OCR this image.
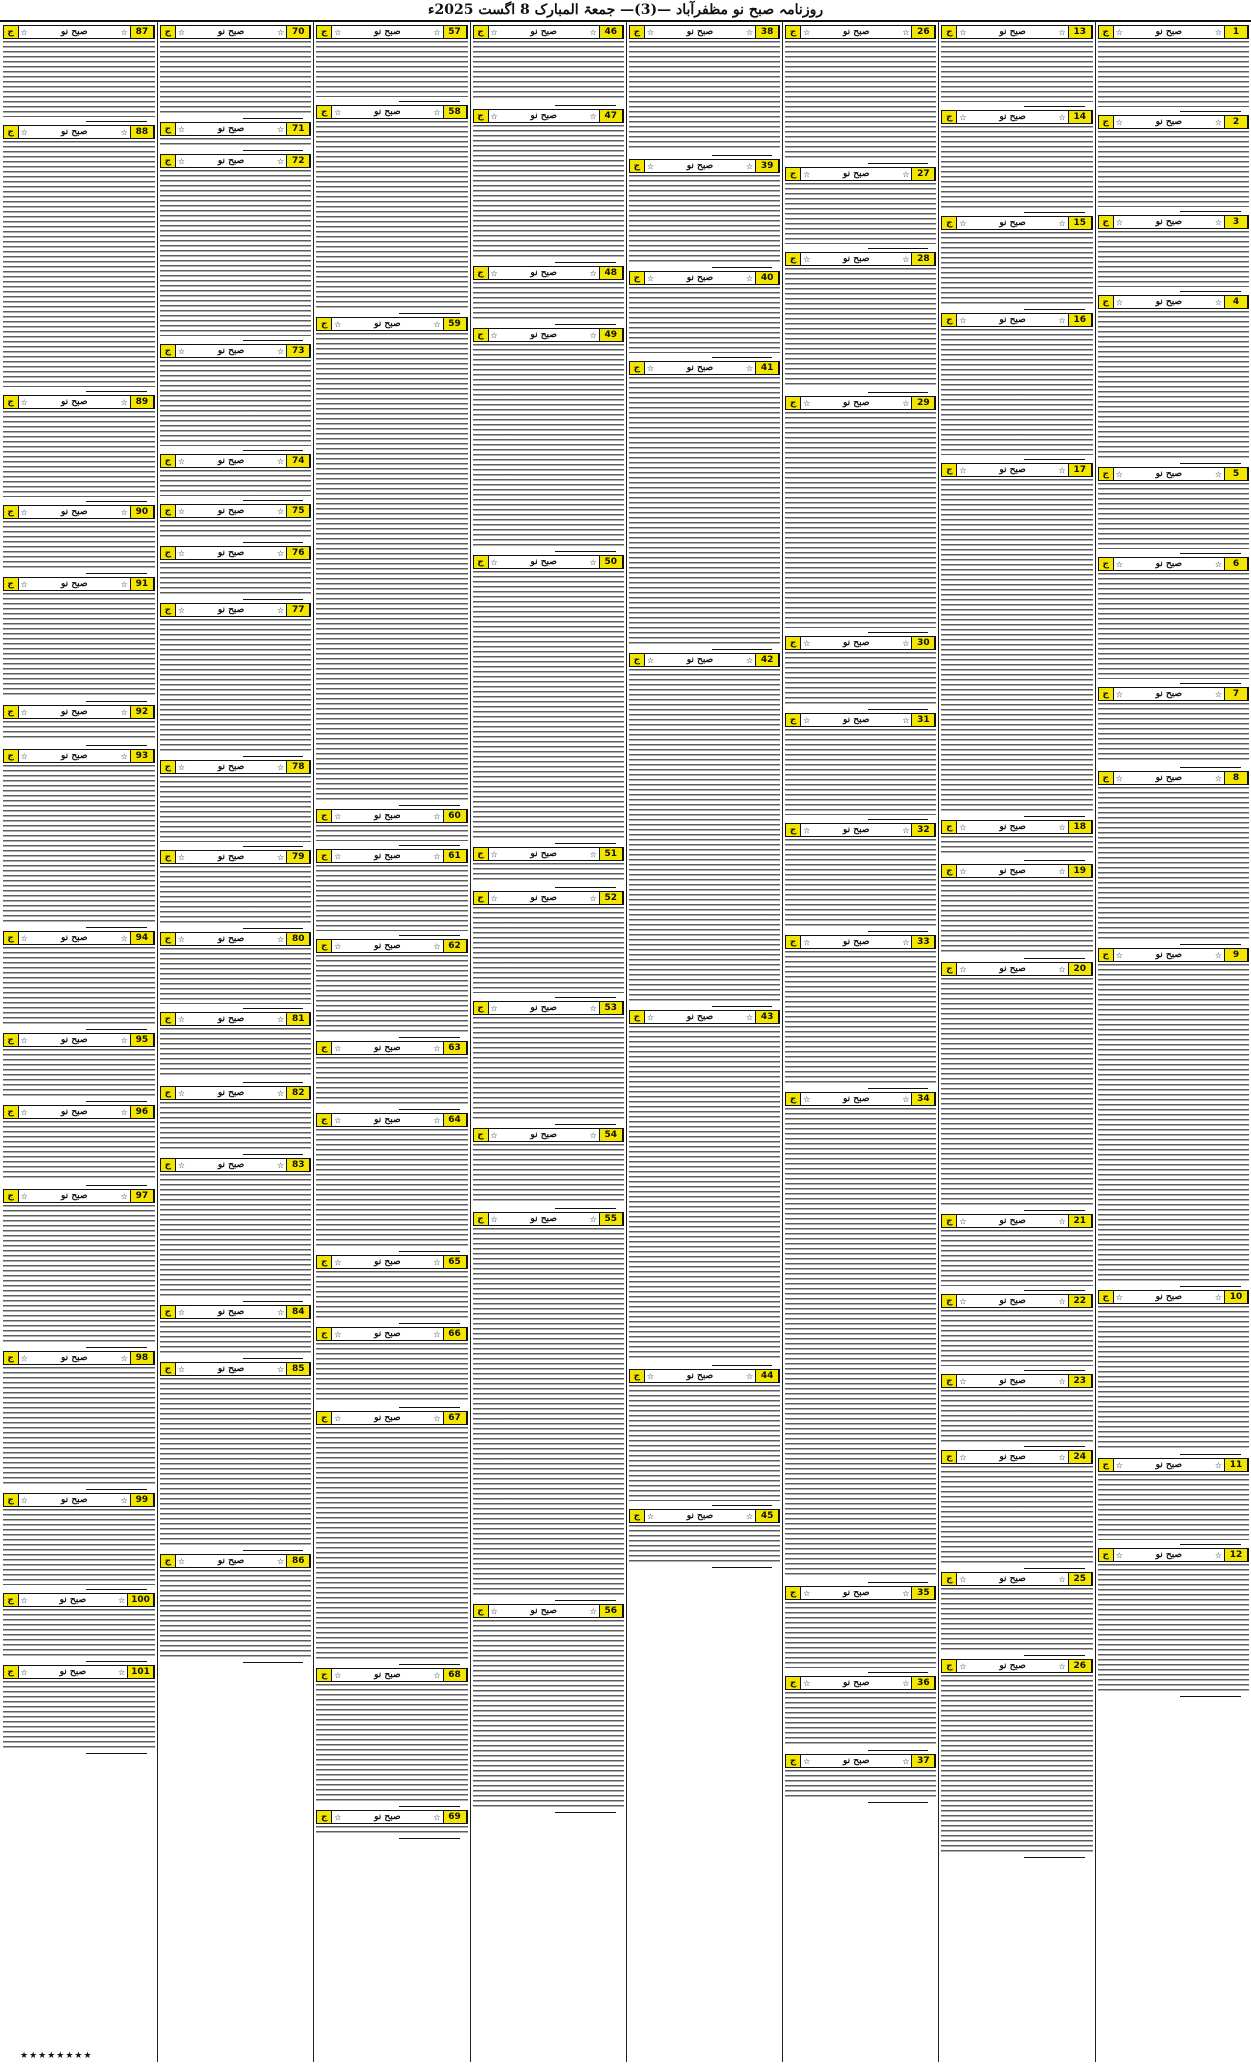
روزنامہ صبح نو مظفرآباد —(3)— جمعۃ المبارک 8 اگست 2025ء
1
☆
صبح نو
☆
ج
2
☆
صبح نو
☆
ج
3
☆
صبح نو
☆
ج
4
☆
صبح نو
☆
ج
5
☆
صبح نو
☆
ج
6
☆
صبح نو
☆
ج
7
☆
صبح نو
☆
ج
8
☆
صبح نو
☆
ج
9
☆
صبح نو
☆
ج
10
☆
صبح نو
☆
ج
11
☆
صبح نو
☆
ج
12
☆
صبح نو
☆
ج
13
☆
صبح نو
☆
ج
14
☆
صبح نو
☆
ج
15
☆
صبح نو
☆
ج
16
☆
صبح نو
☆
ج
17
☆
صبح نو
☆
ج
18
☆
صبح نو
☆
ج
19
☆
صبح نو
☆
ج
20
☆
صبح نو
☆
ج
21
☆
صبح نو
☆
ج
22
☆
صبح نو
☆
ج
23
☆
صبح نو
☆
ج
24
☆
صبح نو
☆
ج
25
☆
صبح نو
☆
ج
26
☆
صبح نو
☆
ج
26
☆
صبح نو
☆
ج
27
☆
صبح نو
☆
ج
28
☆
صبح نو
☆
ج
29
☆
صبح نو
☆
ج
30
☆
صبح نو
☆
ج
31
☆
صبح نو
☆
ج
32
☆
صبح نو
☆
ج
33
☆
صبح نو
☆
ج
34
☆
صبح نو
☆
ج
35
☆
صبح نو
☆
ج
36
☆
صبح نو
☆
ج
37
☆
صبح نو
☆
ج
38
☆
صبح نو
☆
ج
39
☆
صبح نو
☆
ج
40
☆
صبح نو
☆
ج
41
☆
صبح نو
☆
ج
42
☆
صبح نو
☆
ج
43
☆
صبح نو
☆
ج
44
☆
صبح نو
☆
ج
45
☆
صبح نو
☆
ج
46
☆
صبح نو
☆
ج
47
☆
صبح نو
☆
ج
48
☆
صبح نو
☆
ج
49
☆
صبح نو
☆
ج
50
☆
صبح نو
☆
ج
51
☆
صبح نو
☆
ج
52
☆
صبح نو
☆
ج
53
☆
صبح نو
☆
ج
54
☆
صبح نو
☆
ج
55
☆
صبح نو
☆
ج
56
☆
صبح نو
☆
ج
57
☆
صبح نو
☆
ج
58
☆
صبح نو
☆
ج
59
☆
صبح نو
☆
ج
60
☆
صبح نو
☆
ج
61
☆
صبح نو
☆
ج
62
☆
صبح نو
☆
ج
63
☆
صبح نو
☆
ج
64
☆
صبح نو
☆
ج
65
☆
صبح نو
☆
ج
66
☆
صبح نو
☆
ج
67
☆
صبح نو
☆
ج
68
☆
صبح نو
☆
ج
69
☆
صبح نو
☆
ج
70
☆
صبح نو
☆
ج
71
☆
صبح نو
☆
ج
72
☆
صبح نو
☆
ج
73
☆
صبح نو
☆
ج
74
☆
صبح نو
☆
ج
75
☆
صبح نو
☆
ج
76
☆
صبح نو
☆
ج
77
☆
صبح نو
☆
ج
78
☆
صبح نو
☆
ج
79
☆
صبح نو
☆
ج
80
☆
صبح نو
☆
ج
81
☆
صبح نو
☆
ج
82
☆
صبح نو
☆
ج
83
☆
صبح نو
☆
ج
84
☆
صبح نو
☆
ج
85
☆
صبح نو
☆
ج
86
☆
صبح نو
☆
ج
87
☆
صبح نو
☆
ج
88
☆
صبح نو
☆
ج
89
☆
صبح نو
☆
ج
90
☆
صبح نو
☆
ج
91
☆
صبح نو
☆
ج
92
☆
صبح نو
☆
ج
93
☆
صبح نو
☆
ج
94
☆
صبح نو
☆
ج
95
☆
صبح نو
☆
ج
96
☆
صبح نو
☆
ج
97
☆
صبح نو
☆
ج
98
☆
صبح نو
☆
ج
99
☆
صبح نو
☆
ج
100
☆
صبح نو
☆
ج
101
☆
صبح نو
☆
ج
★★★★★★★★
